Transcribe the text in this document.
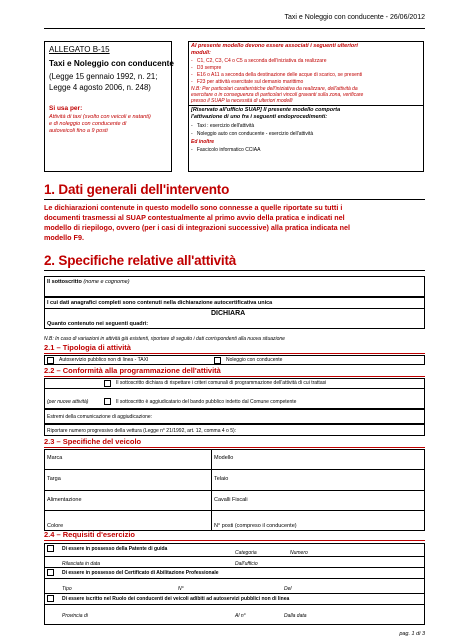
Taxi e Noleggio con conducente - 26/06/2012
ALLEGATO B-15
Taxi e Noleggio con conducente
(Legge 15 gennaio 1992, n. 21;
Legge 4 agosto 2006, n. 248)
Si usa per:
Attività di taxi (svolto con veicoli e natanti)
e di noleggio con conducente di
autoveicoli fino a 9 posti
Al presente modello devono essere associati i seguenti ulteriori
moduli:
-   C1, C2, C3, C4 o C5 a seconda dell'iniziativa da realizzare
-   D3 sempre
-   E16 o A11 a seconda della destinazione delle acque di scarico, se presenti
-   F23 per attività esercitate sul demanio marittimo
N.B: Per particolari caratteristiche dell'iniziativa da realizzare, dell'attività da
esercitare o in conseguenza di particolari vincoli gravanti sulla zona, verificare
presso il SUAP la necessità di ulteriori modelli
[Riservato all'ufficio SUAP] Il presente modello comporta
l'attivazione di uno fra i seguenti endoprocedimenti:
-   Taxi : esercizio dell'attività
-   Noleggio auto con conducente - esercizio dell'attività
Ed inoltre
-   Fascicolo informatico CCIAA
1. Dati generali dell'intervento
Le dichiarazioni contenute in questo modello sono connesse a quelle riportate su tutti i
documenti trasmessi al SUAP contestualmente al primo avvio della pratica e indicati nel
modello di riepilogo, ovvero (per i casi di integrazioni successive) alla pratica indicata nel
modello F9.
2. Specifiche relative all'attività
Il sottoscritto (nome e cognome)
I cui dati anagrafici completi sono contenuti nella dichiarazione autocertificativa unica
DICHIARA
Quanto contenuto nei seguenti quadri:
N.B: In caso di variazioni in attività già esistenti, riportare di seguito i dati corrispondenti alla nuova situazione
2.1 – Tipologia di attività
Autoservizio pubblico non di linea - TAXI	Noleggio con conducente
2.2 – Conformità alla programmazione dell'attività
Il sottoscritto dichiara di rispettare i criteri comunali di programmazione dell'attività di cui trattasi
(per nuove attività)	Il sottoscritto è aggiudicatario del bando pubblico indetto dal Comune competente
Estremi della comunicazione di aggiudicazione:
Riportare numero progressivo della vettura (Legge n° 21/1992, art. 12, comma 4 o 5):
2.3 – Specifiche del veicolo
Marca	Modello
Targa	Telaio
Alimentazione	Cavalli Fiscali
Colore	N° posti (compreso il conducente)
2.4 – Requisiti d'esercizio
Di essere in possesso della Patente di guida
Categoria	Numero
Rilasciata in data	Dall'ufficio
Di essere in possesso del Certificato di Abilitazione Professionale
Tipo	N°	Del
Di essere iscritto nel Ruolo dei conducenti dei veicoli adibiti ad autoservizi pubblici non di linea
Provincia di	Al n°	Dalla data
pag. 1 di 3
